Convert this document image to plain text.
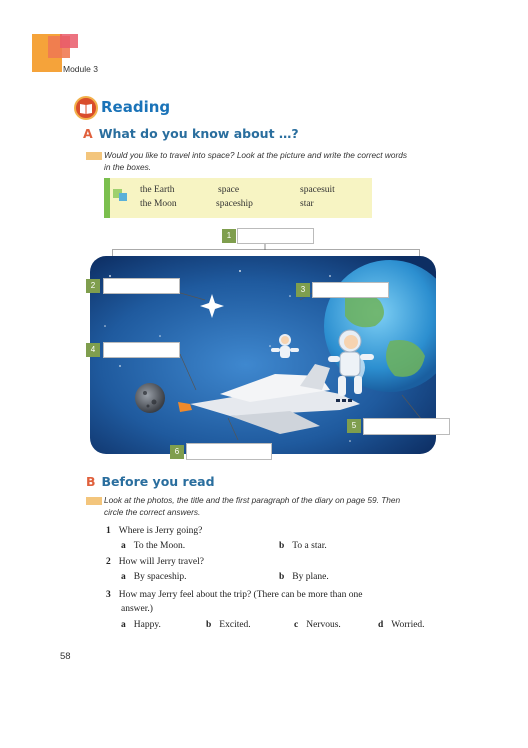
Module 3
Reading
A What do you know about …?
Would you like to travel into space? Look at the picture and write the correct words
in the boxes.
the Earth	space	spacesuit
the Moon	spaceship	star
1
2	3
4
5
6
B Before you read
Look at the photos, the title and the first paragraph of the diary on page 59. Then
circle the correct answers.
1 Where is Jerry going?
a To the Moon.	b To a star.
2 How will Jerry travel?
a By spaceship.	b By plane.
3 How may Jerry feel about the trip? (There can be more than one
answer.)
a Happy.	b Excited.	c Nervous.	d Worried.
58
